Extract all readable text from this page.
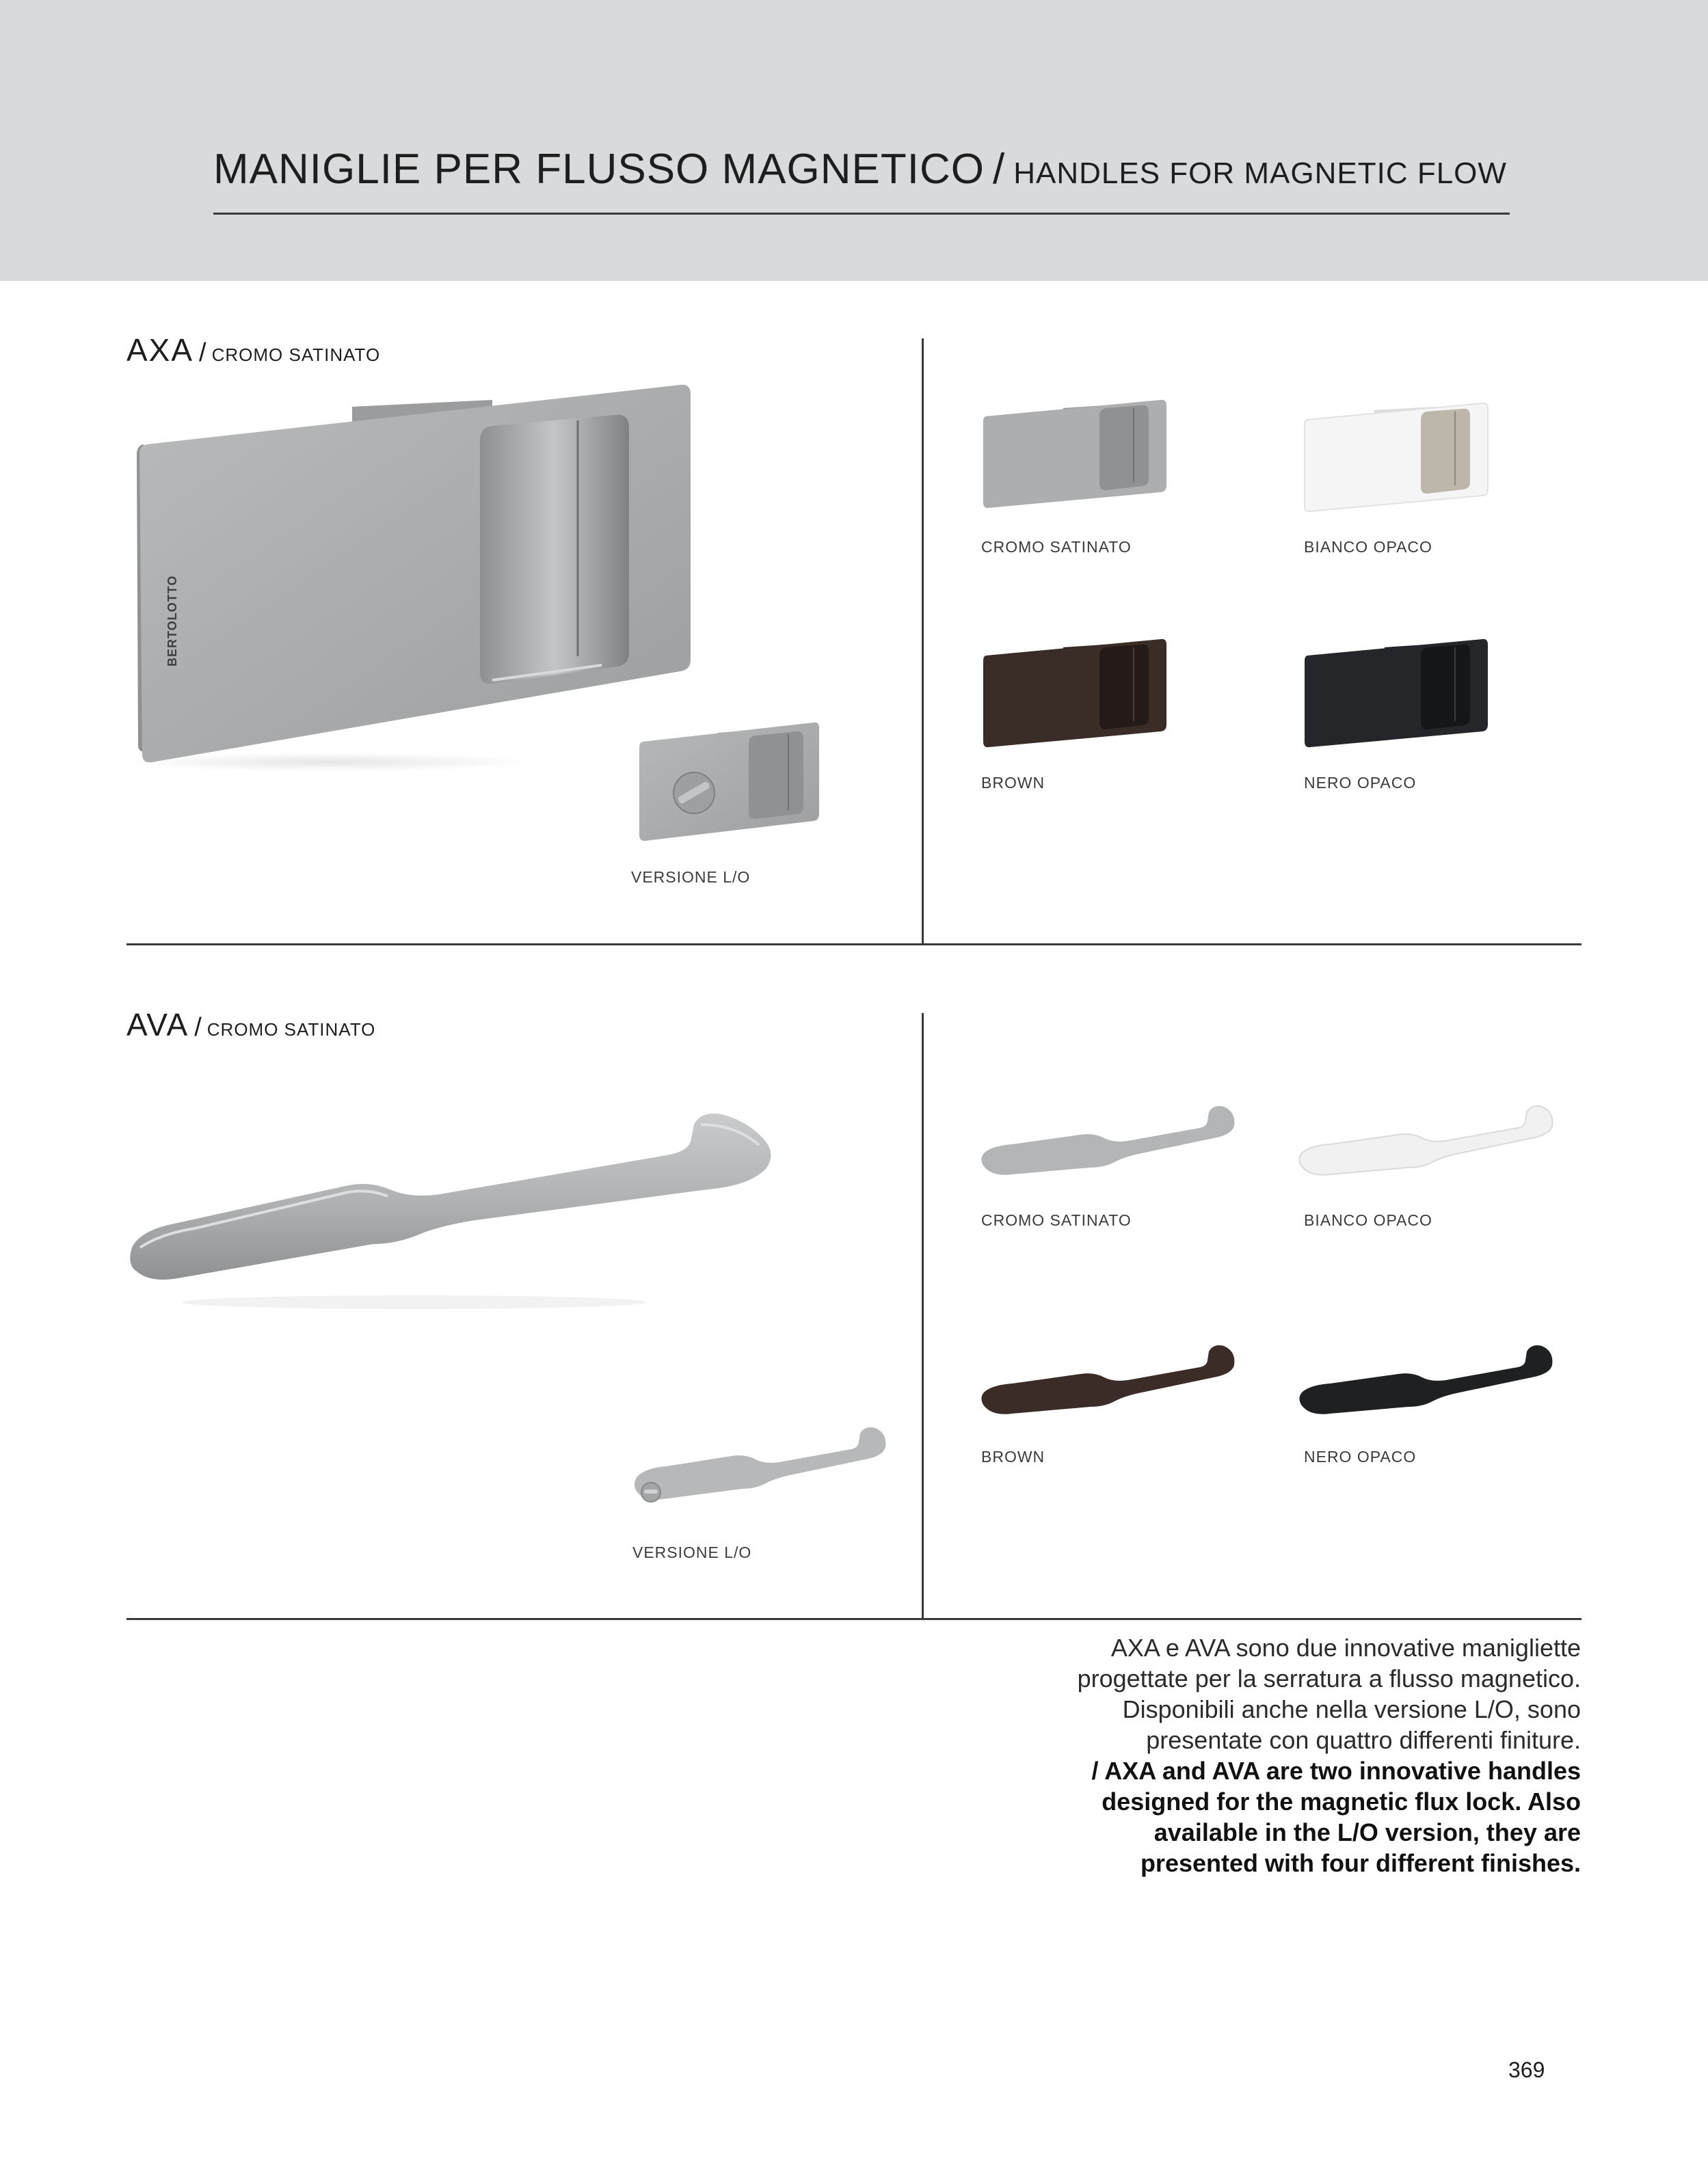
MANIGLIE PER FLUSSO MAGNETICO / HANDLES FOR MAGNETIC FLOW
AXA / CROMO SATINATO
BERTOLOTTO
VERSIONE L/O
CROMO SATINATO	BIANCO OPACO
BROWN	NERO OPACO
AVA / CROMO SATINATO
VERSIONE L/O
CROMO SATINATO	BIANCO OPACO
BROWN	NERO OPACO
AXA e AVA sono due innovative manigliette progettate per la serratura a flusso magnetico. Disponibili anche nella versione L/O, sono presentate con quattro differenti finiture.
/ AXA and AVA are two innovative handles designed for the magnetic flux lock. Also available in the L/O version, they are presented with four different finishes.
369
